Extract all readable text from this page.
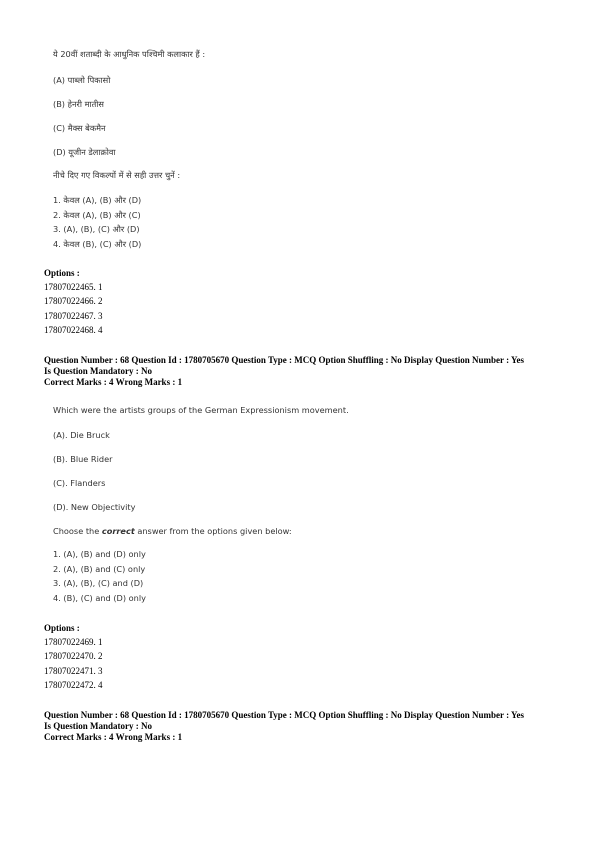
ये 20वीं शताब्दी के आधुनिक पश्चिमी कलाकार हैं :
(A) पाब्लो पिकासो
(B) हेनरी मातीस
(C) मैक्स बेकमैन
(D) यूजीन डेलाक्रोवा
नीचे दिए गए विकल्पों में से सही उत्तर चुनें :
1. केवल (A), (B) और (D)
2. केवल (A), (B) और (C)
3. (A), (B), (C) और (D)
4. केवल (B), (C) और (D)
Options :
17807022465. 1
17807022466. 2
17807022467. 3
17807022468. 4
Question Number : 68 Question Id : 1780705670 Question Type : MCQ Option Shuffling : No Display Question Number : Yes
Is Question Mandatory : No
Correct Marks : 4 Wrong Marks : 1
Which were the artists groups of the German Expressionism movement.
(A). Die Bruck
(B). Blue Rider
(C). Flanders
(D). New Objectivity
Choose the correct answer from the options given below:
1. (A), (B) and (D) only
2. (A), (B) and (C) only
3. (A), (B), (C) and (D)
4. (B), (C) and (D) only
Options :
17807022469. 1
17807022470. 2
17807022471. 3
17807022472. 4
Question Number : 68 Question Id : 1780705670 Question Type : MCQ Option Shuffling : No Display Question Number : Yes
Is Question Mandatory : No
Correct Marks : 4 Wrong Marks : 1
